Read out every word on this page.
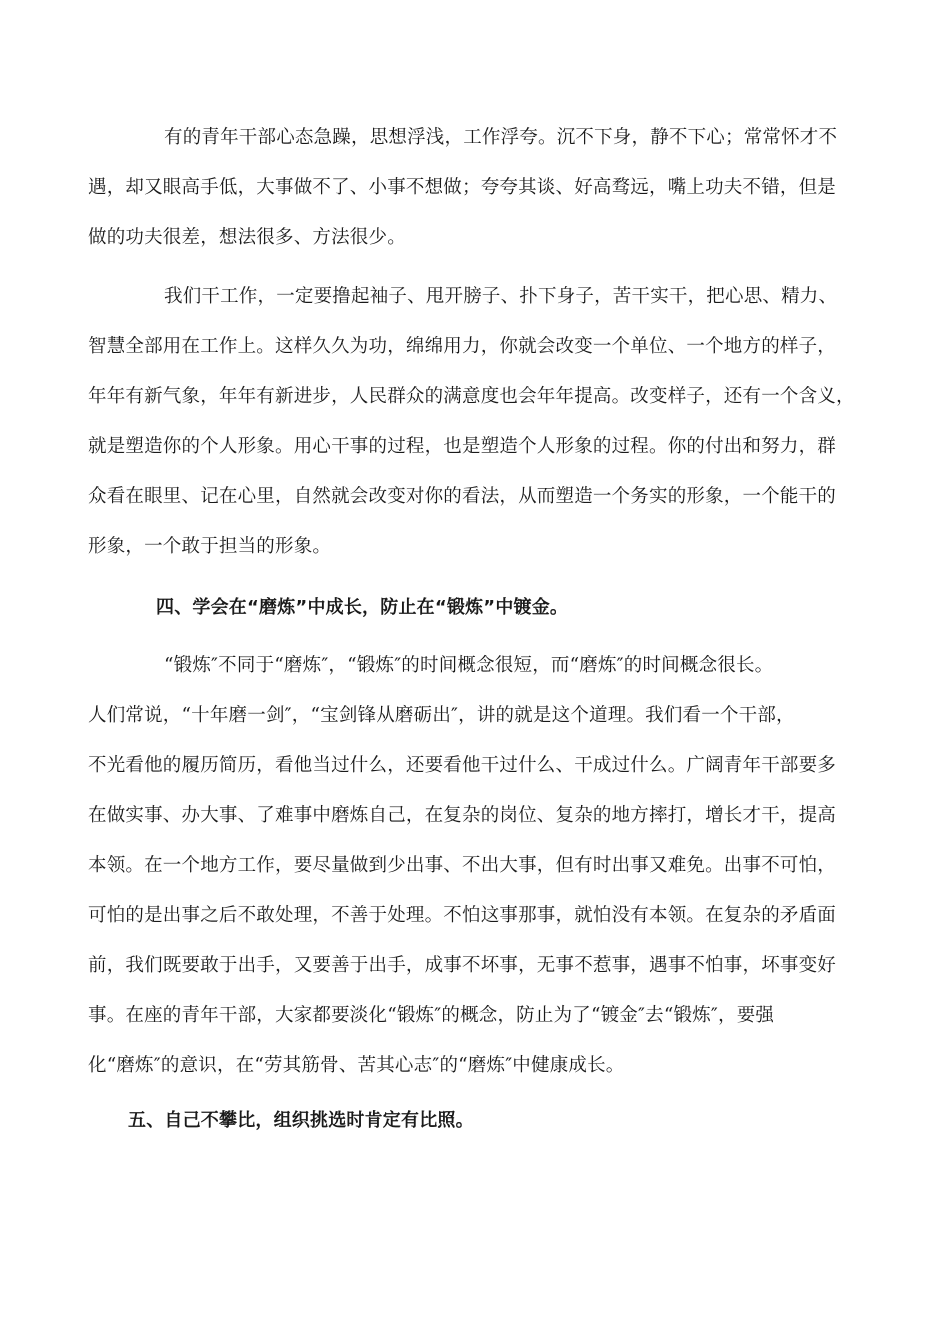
有的青年干部心态急躁，思想浮浅，工作浮夸。沉不下身，静不下心；常常怀才不
遇，却又眼高手低，大事做不了、小事不想做；夸夸其谈、好高骛远，嘴上功夫不错，但是
做的功夫很差，想法很多、方法很少。
我们干工作，一定要撸起袖子、甩开膀子、扑下身子，苦干实干，把心思、精力、
智慧全部用在工作上。这样久久为功，绵绵用力，你就会改变一个单位、一个地方的样子，
年年有新气象，年年有新进步，人民群众的满意度也会年年提高。改变样子，还有一个含义，
就是塑造你的个人形象。用心干事的过程，也是塑造个人形象的过程。你的付出和努力，群
众看在眼里、记在心里，自然就会改变对你的看法，从而塑造一个务实的形象，一个能干的
形象，一个敢于担当的形象。
四、学会在“磨炼”中成长，防止在“锻炼”中镀金。
“锻炼″不同于“磨炼″，“锻炼″的时间概念很短，而“磨炼″的时间概念很长。
人们常说，“十年磨一剑″，“宝剑锋从磨砺出″，讲的就是这个道理。我们看一个干部，
不光看他的履历简历，看他当过什么，还要看他干过什么、干成过什么。广阔青年干部要多
在做实事、办大事、了难事中磨炼自己，在复杂的岗位、复杂的地方摔打，增长才干，提高
本领。在一个地方工作，要尽量做到少出事、不出大事，但有时出事又难免。出事不可怕，
可怕的是出事之后不敢处理，不善于处理。不怕这事那事，就怕没有本领。在复杂的矛盾面
前，我们既要敢于出手，又要善于出手，成事不坏事，无事不惹事，遇事不怕事，坏事变好
事。在座的青年干部，大家都要淡化“锻炼″的概念，防止为了“镀金″去“锻炼″，要强
化“磨炼″的意识，在“劳其筋骨、苦其心志″的“磨炼″中健康成长。
五、自己不攀比，组织挑选时肯定有比照。
